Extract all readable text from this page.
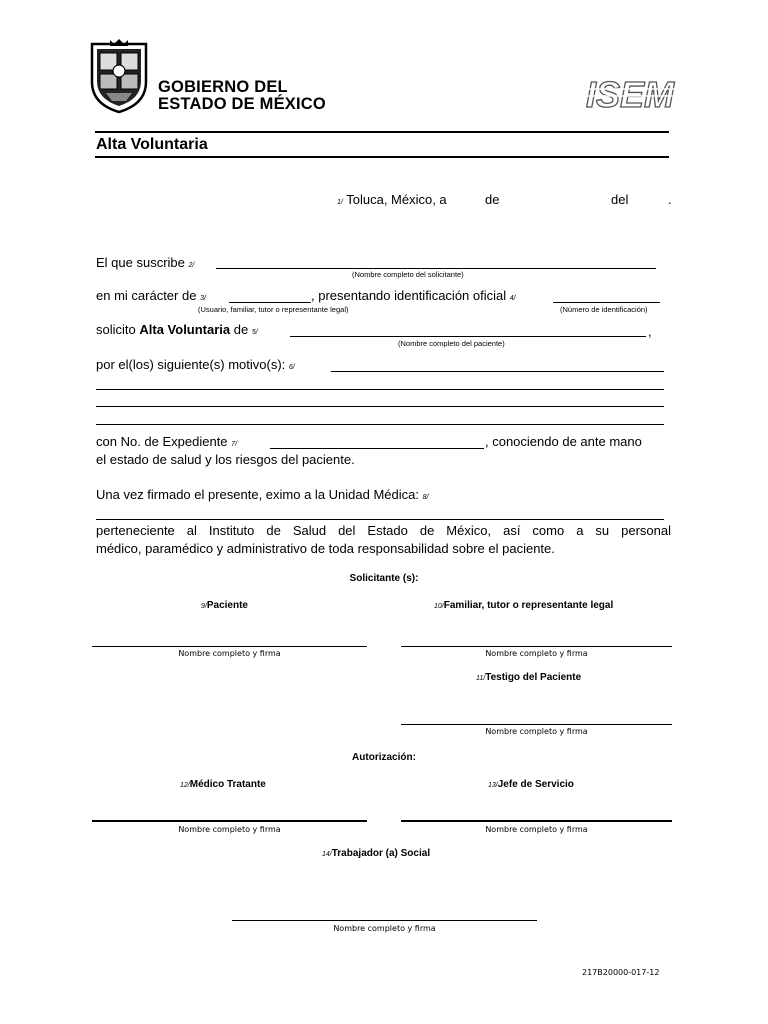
GOBIERNO DEL
ESTADO DE MÉXICO	ISEM
Alta Voluntaria
1/ Toluca, México, a	de	del	.
El que suscribe 2/
(Nombre completo del solicitante)
en mi carácter de 3/	, presentando identificación oficial 4/
(Usuario, familiar, tutor o representante legal)	(Número de identificación)
solicito Alta Voluntaria de 5/	,
(Nombre completo del paciente)
por el(los) siguiente(s) motivo(s): 6/
con No. de Expediente 7/	, conociendo de ante mano
el estado de salud y los riesgos del paciente.
Una vez firmado el presente, eximo a la Unidad Médica: 8/
perteneciente al Instituto de Salud del Estado de México, así como a su personal
médico, paramédico y administrativo de toda responsabilidad sobre el paciente.
Solicitante (s):
9/Paciente	10/Familiar, tutor o representante legal
Nombre completo y firma	Nombre completo y firma
11/Testigo del Paciente
Nombre completo y firma
Autorización:
12/Médico Tratante	13/Jefe de Servicio
Nombre completo y firma	Nombre completo y firma
14/Trabajador (a) Social
Nombre completo y firma
217B20000-017-12
